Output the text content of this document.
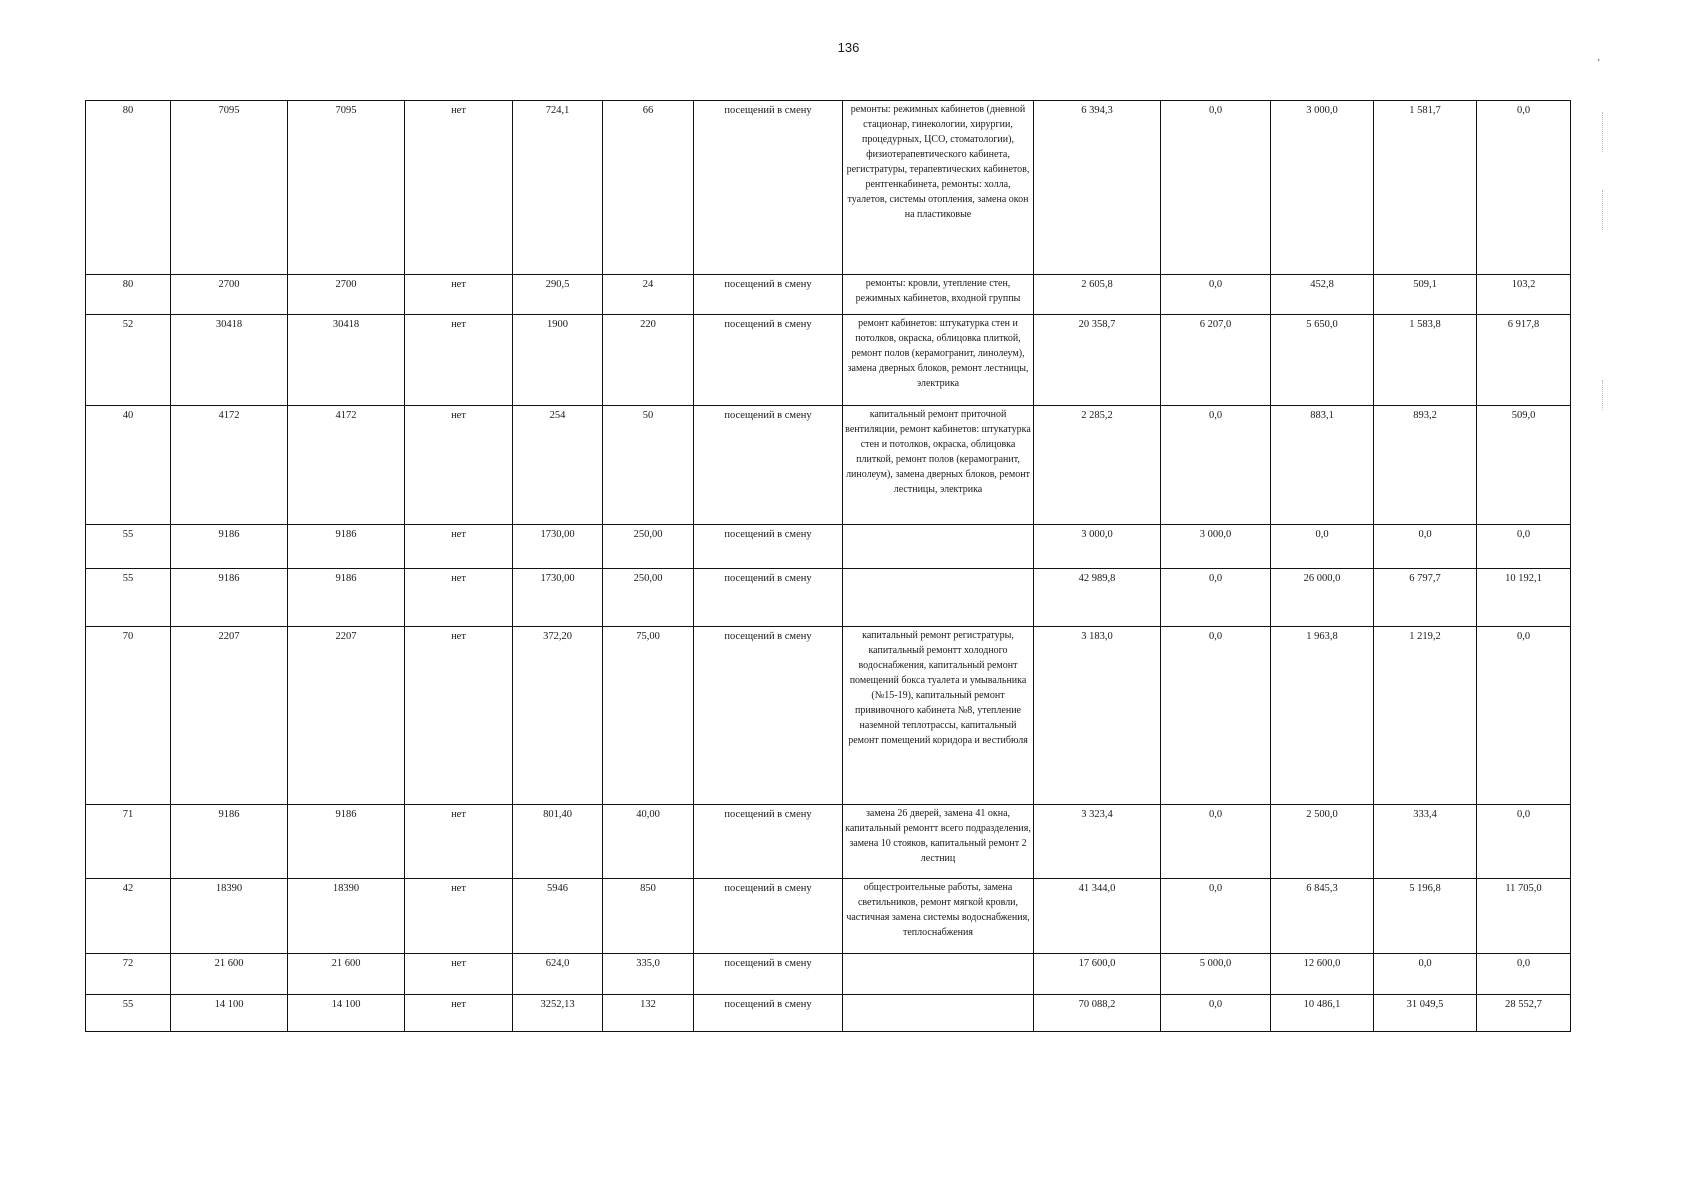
136
’
80	7095	7095	нет	724,1	66	посещений в смену	ремонты: режимных кабинетов (дневной стационар, гинекологии, хирургии, процедурных, ЦСО, стоматологии), физиотерапевтического кабинета, регистратуры, терапевтических кабинетов, рентгенкабинета, ремонты: холла, туалетов, системы отопления, замена окон на пластиковые	6 394,3	0,0	3 000,0	1 581,7	0,0
80	2700	2700	нет	290,5	24	посещений в смену	ремонты: кровли, утепление стен, режимных кабинетов, входной группы	2 605,8	0,0	452,8	509,1	103,2
52	30418	30418	нет	1900	220	посещений в смену	ремонт кабинетов: штукатурка стен и потолков, окраска, облицовка плиткой, ремонт полов (керамогранит, линолеум), замена дверных блоков, ремонт лестницы, электрика	20 358,7	6 207,0	5 650,0	1 583,8	6 917,8
40	4172	4172	нет	254	50	посещений в смену	капитальный ремонт приточной вентиляции, ремонт кабинетов: штукатурка стен и потолков, окраска, облицовка плиткой, ремонт полов (керамогранит, линолеум), замена дверных блоков, ремонт лестницы, электрика	2 285,2	0,0	883,1	893,2	509,0
55	9186	9186	нет	1730,00	250,00	посещений в смену		3 000,0	3 000,0	0,0	0,0	0,0
55	9186	9186	нет	1730,00	250,00	посещений в смену		42 989,8	0,0	26 000,0	6 797,7	10 192,1
70	2207	2207	нет	372,20	75,00	посещений в смену	капитальный ремонт регистратуры, капитальный ремонтт холодного водоснабжения, капитальный ремонт помещений бокса туалета и умывальника (№15-19), капитальный ремонт прививочного кабинета №8, утепление наземной теплотрассы, капитальный ремонт помещений коридора и вестибюля	3 183,0	0,0	1 963,8	1 219,2	0,0
71	9186	9186	нет	801,40	40,00	посещений в смену	замена 26 дверей, замена 41 окна, капитальный ремонтт всего подразделения, замена 10 стояков, капитальный ремонт 2 лестниц	3 323,4	0,0	2 500,0	333,4	0,0
42	18390	18390	нет	5946	850	посещений в смену	общестроительные работы, замена светильников, ремонт мягкой кровли, частичная замена системы водоснабжения, теплоснабжения	41 344,0	0,0	6 845,3	5 196,8	11 705,0
72	21 600	21 600	нет	624,0	335,0	посещений в смену		17 600,0	5 000,0	12 600,0	0,0	0,0
55	14 100	14 100	нет	3252,13	132	посещений в смену		70 088,2	0,0	10 486,1	31 049,5	28 552,7
